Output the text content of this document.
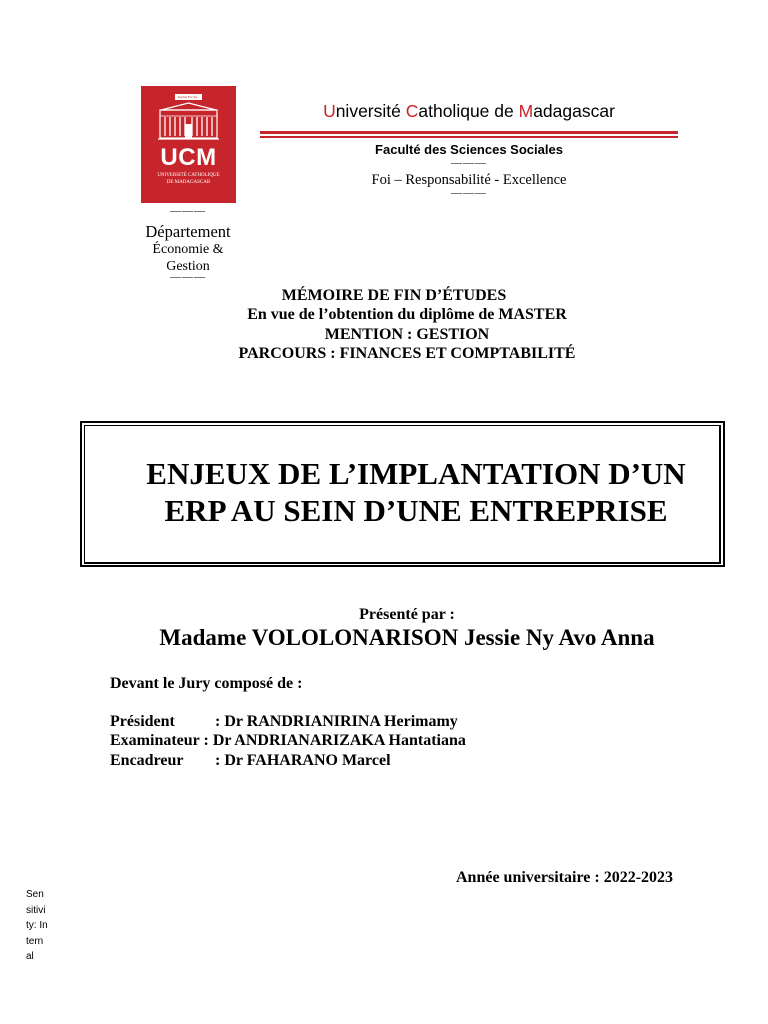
Sophia Pro Sa...
UCM
UNIVERSITÉ CATHOLIQUE
DE MADAGASCAR
Université Catholique de Madagascar
Faculté des Sciences Sociales
———
Foi – Responsabilité - Excellence
———
———
Département
Économie &
Gestion
———
MÉMOIRE DE FIN D’ÉTUDES
En vue de l’obtention du diplôme de MASTER
MENTION : GESTION
PARCOURS : FINANCES ET COMPTABILITÉ
ENJEUX DE L’IMPLANTATION D’UN
ERP AU SEIN D’UNE ENTREPRISE
Présenté par :
Madame VOLOLONARISON Jessie Ny Avo Anna
Devant le Jury composé de :
Président	: Dr RANDRIANIRINA Herimamy
Examinateur : Dr ANDRIANARIZAKA Hantatiana
Encadreur : Dr FAHARANO Marcel
Année universitaire : 2022-2023
Sensitivity: Internal
